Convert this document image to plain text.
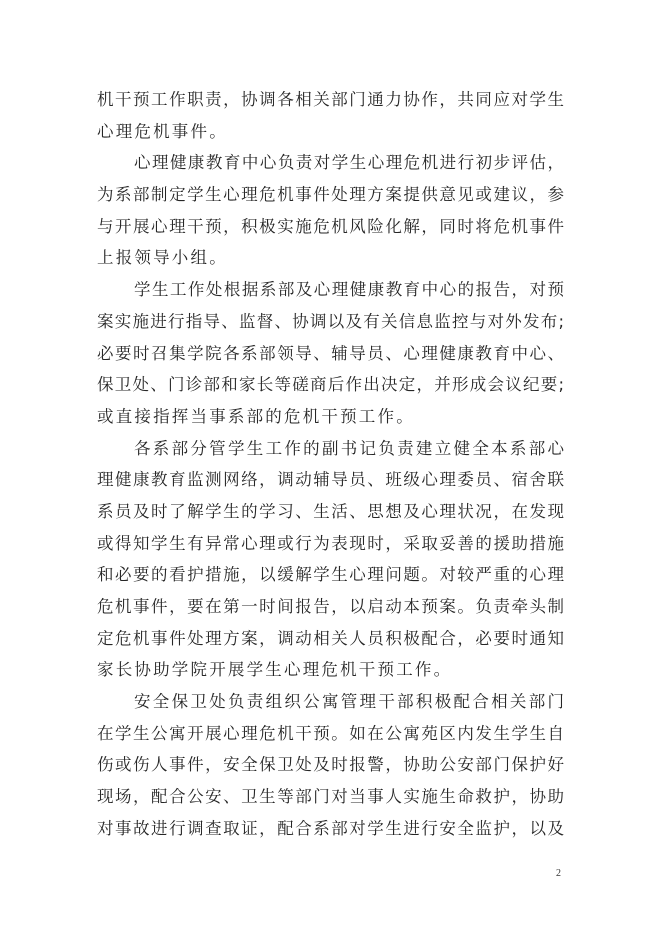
机干预工作职责，协调各相关部门通力协作，共同应对学生
心理危机事件。
心理健康教育中心负责对学生心理危机进行初步评估，
为系部制定学生心理危机事件处理方案提供意见或建议，参
与开展心理干预，积极实施危机风险化解，同时将危机事件
上报领导小组。
学生工作处根据系部及心理健康教育中心的报告，对预
案实施进行指导、监督、协调以及有关信息监控与对外发布;
必要时召集学院各系部领导、辅导员、心理健康教育中心、
保卫处、门诊部和家长等磋商后作出决定，并形成会议纪要;
或直接指挥当事系部的危机干预工作。
各系部分管学生工作的副书记负责建立健全本系部心
理健康教育监测网络，调动辅导员、班级心理委员、宿舍联
系员及时了解学生的学习、生活、思想及心理状况，在发现
或得知学生有异常心理或行为表现时，采取妥善的援助措施
和必要的看护措施，以缓解学生心理问题。对较严重的心理
危机事件，要在第一时间报告，以启动本预案。负责牵头制
定危机事件处理方案，调动相关人员积极配合，必要时通知
家长协助学院开展学生心理危机干预工作。
安全保卫处负责组织公寓管理干部积极配合相关部门
在学生公寓开展心理危机干预。如在公寓苑区内发生学生自
伤或伤人事件，安全保卫处及时报警，协助公安部门保护好
现场，配合公安、卫生等部门对当事人实施生命救护，协助
对事故进行调查取证，配合系部对学生进行安全监护，以及
2
